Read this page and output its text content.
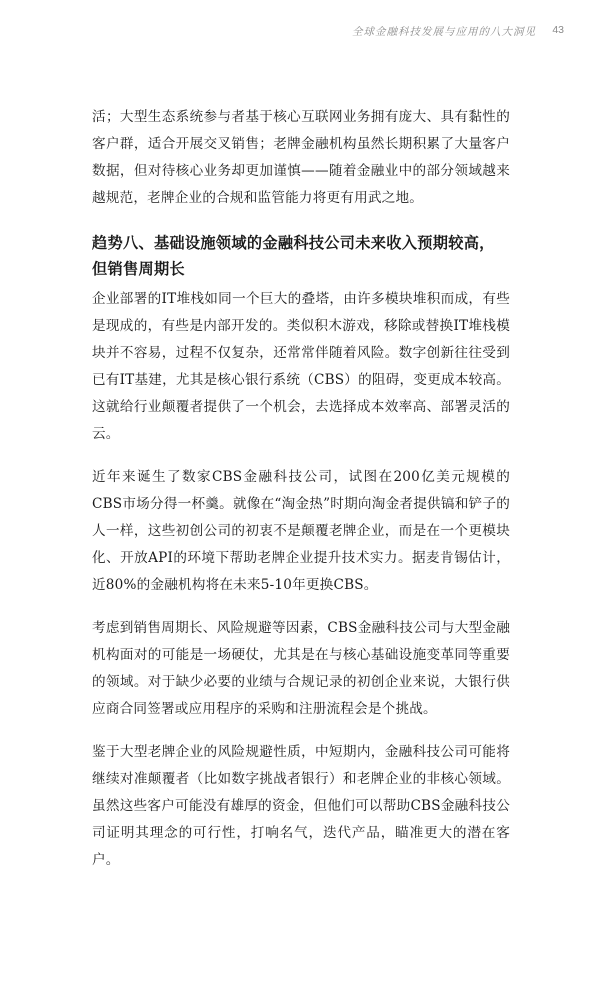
全球金融科技发展与应用的八大洞见 43

活；大型生态系统参与者基于核心互联网业务拥有庞大、具有黏性的客户群，适合开展交叉销售；老牌金融机构虽然长期积累了大量客户数据，但对待核心业务却更加谨慎——随着金融业中的部分领域越来越规范，老牌企业的合规和监管能力将更有用武之地。

趋势八、基础设施领域的金融科技公司未来收入预期较高，但销售周期长

企业部署的IT堆栈如同一个巨大的叠塔，由许多模块堆积而成，有些是现成的，有些是内部开发的。类似积木游戏，移除或替换IT堆栈模块并不容易，过程不仅复杂，还常常伴随着风险。数字创新往往受到已有IT基建，尤其是核心银行系统（CBS）的阻碍，变更成本较高。这就给行业颠覆者提供了一个机会，去选择成本效率高、部署灵活的云。

近年来诞生了数家CBS金融科技公司，试图在200亿美元规模的CBS市场分得一杯羹。就像在“淘金热”时期向淘金者提供镐和铲子的人一样，这些初创公司的初衷不是颠覆老牌企业，而是在一个更模块化、开放API的环境下帮助老牌企业提升技术实力。据麦肯锡估计，近80%的金融机构将在未来5-10年更换CBS。

考虑到销售周期长、风险规避等因素，CBS金融科技公司与大型金融机构面对的可能是一场硬仗，尤其是在与核心基础设施变革同等重要的领域。对于缺少必要的业绩与合规记录的初创企业来说，大银行供应商合同签署或应用程序的采购和注册流程会是个挑战。

鉴于大型老牌企业的风险规避性质，中短期内，金融科技公司可能将继续对准颠覆者（比如数字挑战者银行）和老牌企业的非核心领域。虽然这些客户可能没有雄厚的资金，但他们可以帮助CBS金融科技公司证明其理念的可行性，打响名气，迭代产品，瞄准更大的潜在客户。
